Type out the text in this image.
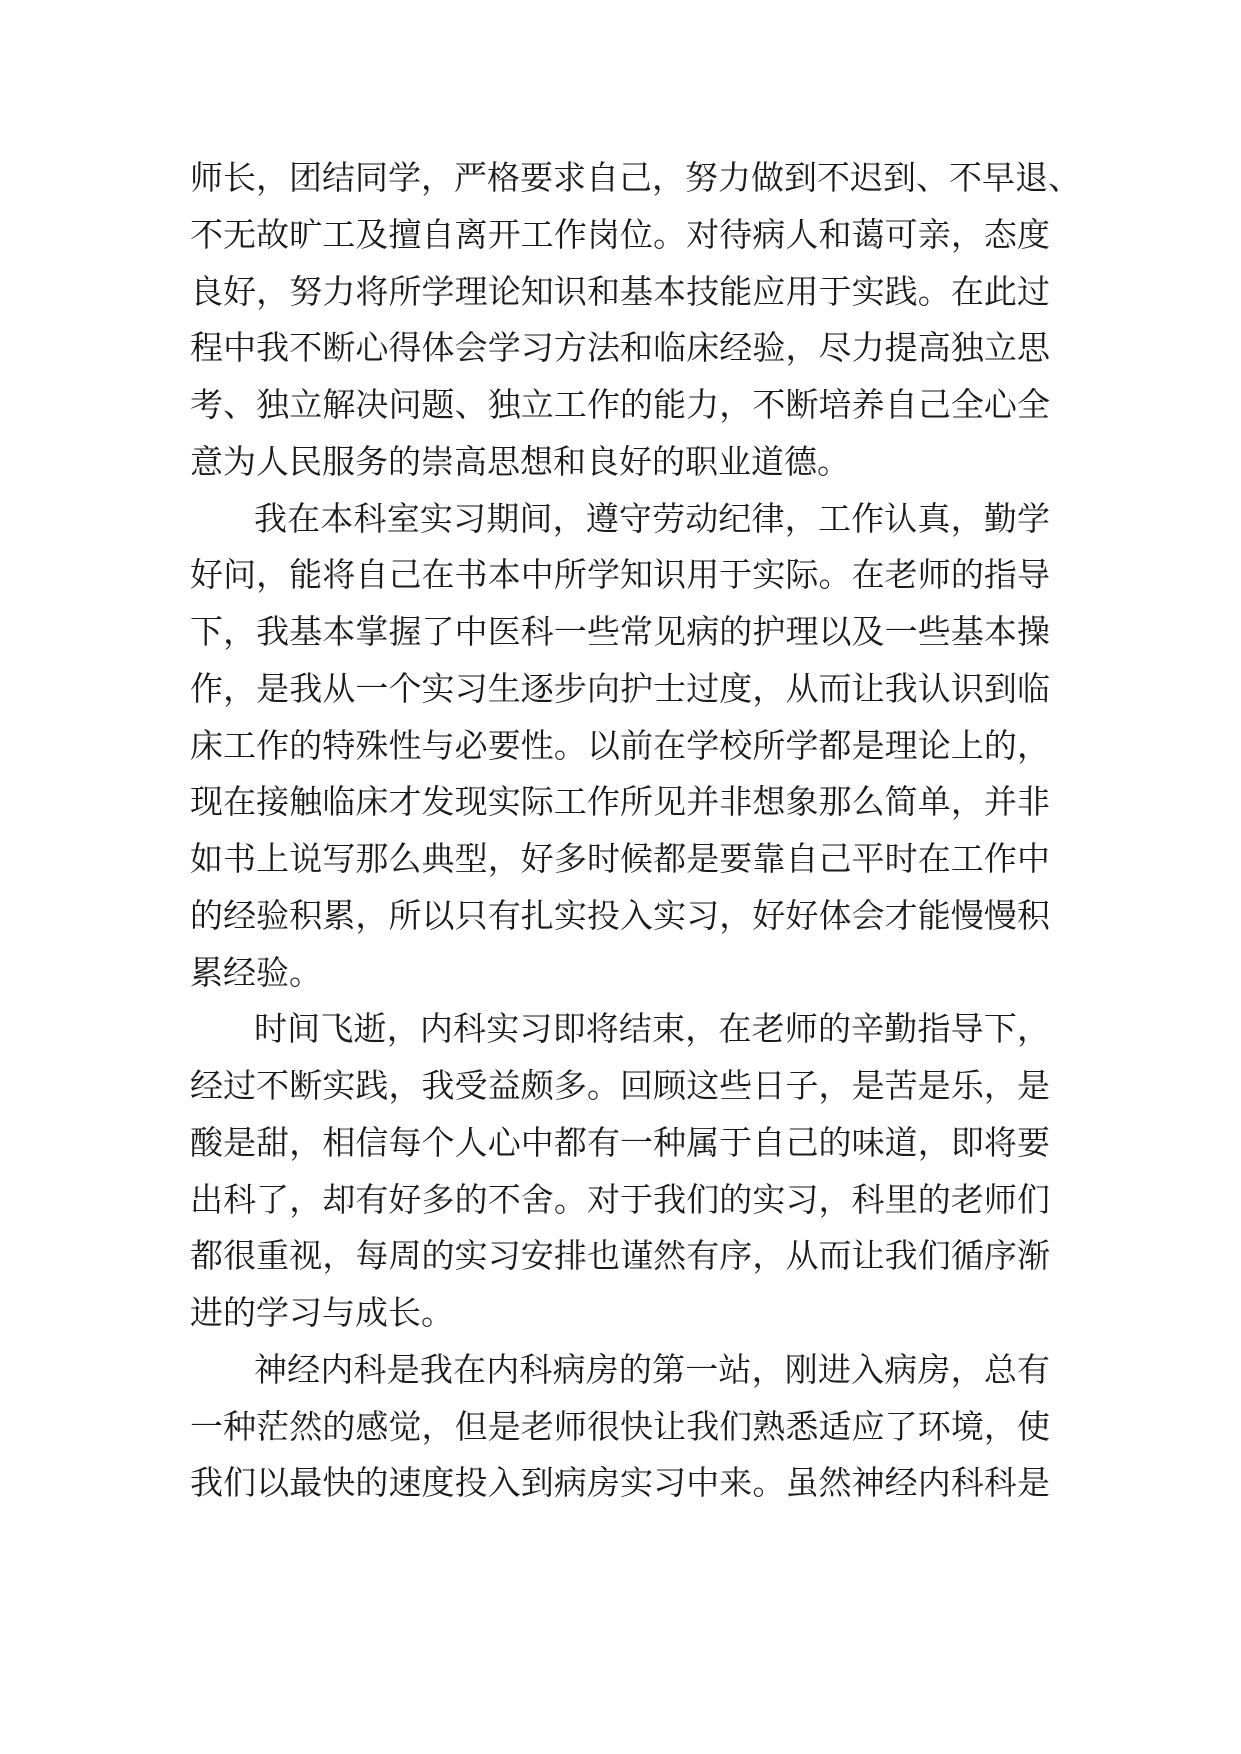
师长，团结同学，严格要求自己，努力做到不迟到、不早退、
不无故旷工及擅自离开工作岗位。对待病人和蔼可亲，态度
良好，努力将所学理论知识和基本技能应用于实践。在此过
程中我不断心得体会学习方法和临床经验，尽力提高独立思
考、独立解决问题、独立工作的能力，不断培养自己全心全
意为人民服务的崇高思想和良好的职业道德。
我在本科室实习期间，遵守劳动纪律，工作认真，勤学
好问，能将自己在书本中所学知识用于实际。在老师的指导
下，我基本掌握了中医科一些常见病的护理以及一些基本操
作，是我从一个实习生逐步向护士过度，从而让我认识到临
床工作的特殊性与必要性。以前在学校所学都是理论上的，
现在接触临床才发现实际工作所见并非想象那么简单，并非
如书上说写那么典型，好多时候都是要靠自己平时在工作中
的经验积累，所以只有扎实投入实习，好好体会才能慢慢积
累经验。
时间飞逝，内科实习即将结束，在老师的辛勤指导下，
经过不断实践，我受益颇多。回顾这些日子，是苦是乐，是
酸是甜，相信每个人心中都有一种属于自己的味道，即将要
出科了，却有好多的不舍。对于我们的实习，科里的老师们
都很重视，每周的实习安排也谨然有序，从而让我们循序渐
进的学习与成长。
神经内科是我在内科病房的第一站，刚进入病房，总有
一种茫然的感觉，但是老师很快让我们熟悉适应了环境，使
我们以最快的速度投入到病房实习中来。虽然神经内科科是
